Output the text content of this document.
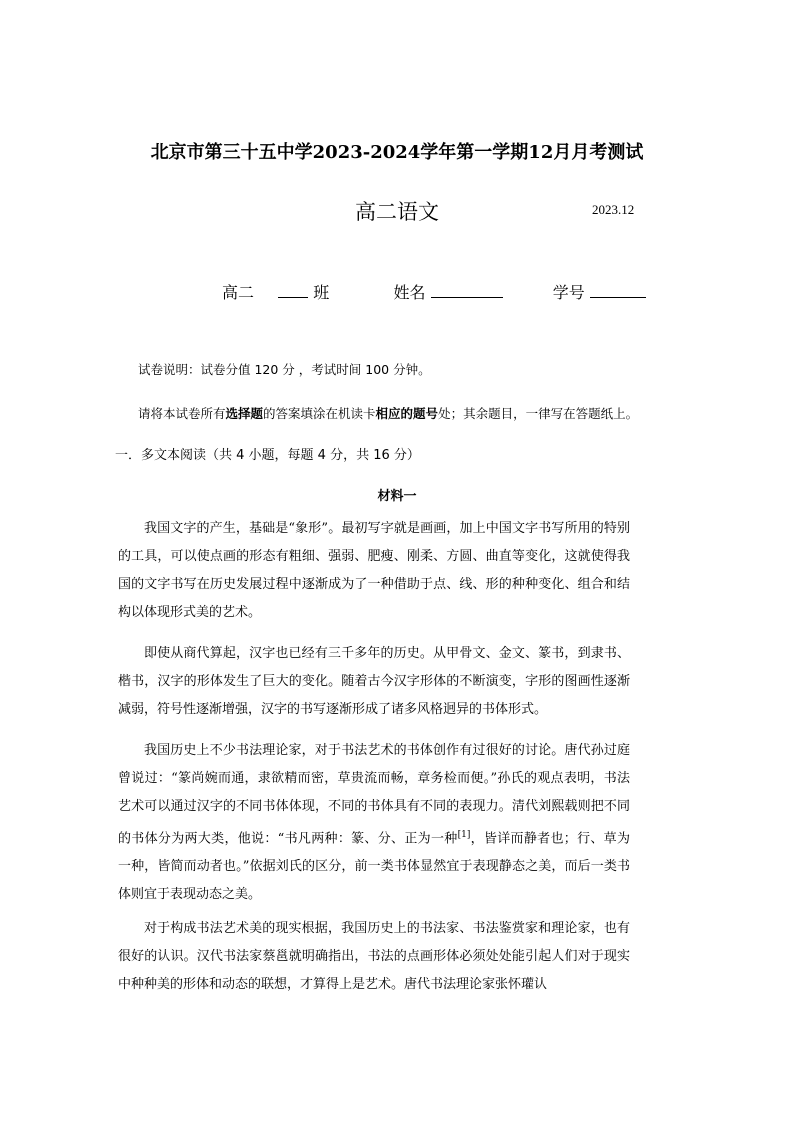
北京市第三十五中学2023-2024学年第一学期12月月考测试
高二语文	2023.12
高二	班	姓名	学号
试卷说明：试卷分值 120 分 ，考试时间 100 分钟。
请将本试卷所有选择题的答案填涂在机读卡相应的题号处；其余题目，一律写在答题纸上。
一．多文本阅读（共 4 小题，每题 4 分，共 16 分）
材料一
我国文字的产生，基础是“象形”。最初写字就是画画，加上中国文字书写所用的特别的工具，可以使点画的形态有粗细、强弱、肥瘦、刚柔、方圆、曲直等变化，这就使得我国的文字书写在历史发展过程中逐渐成为了一种借助于点、线、形的种种变化、组合和结构以体现形式美的艺术。
即使从商代算起，汉字也已经有三千多年的历史。从甲骨文、金文、篆书，到隶书、楷书，汉字的形体发生了巨大的变化。随着古今汉字形体的不断演变，字形的图画性逐渐减弱，符号性逐渐增强，汉字的书写逐渐形成了诸多风格迥异的书体形式。
我国历史上不少书法理论家，对于书法艺术的书体创作有过很好的讨论。唐代孙过庭曾说过：“篆尚婉而通，隶欲精而密，草贵流而畅，章务检而便。”孙氏的观点表明，书法艺术可以通过汉字的不同书体体现，不同的书体具有不同的表现力。清代刘熙载则把不同的书体分为两大类，他说：“书凡两种：篆、分、正为一种[1]，皆详而静者也；行、草为一种，皆简而动者也。”依据刘氏的区分，前一类书体显然宜于表现静态之美，而后一类书体则宜于表现动态之美。
对于构成书法艺术美的现实根据，我国历史上的书法家、书法鉴赏家和理论家，也有很好的认识。汉代书法家蔡邕就明确指出，书法的点画形体必须处处能引起人们对于现实中种种美的形体和动态的联想，才算得上是艺术。唐代书法理论家张怀瓘认
